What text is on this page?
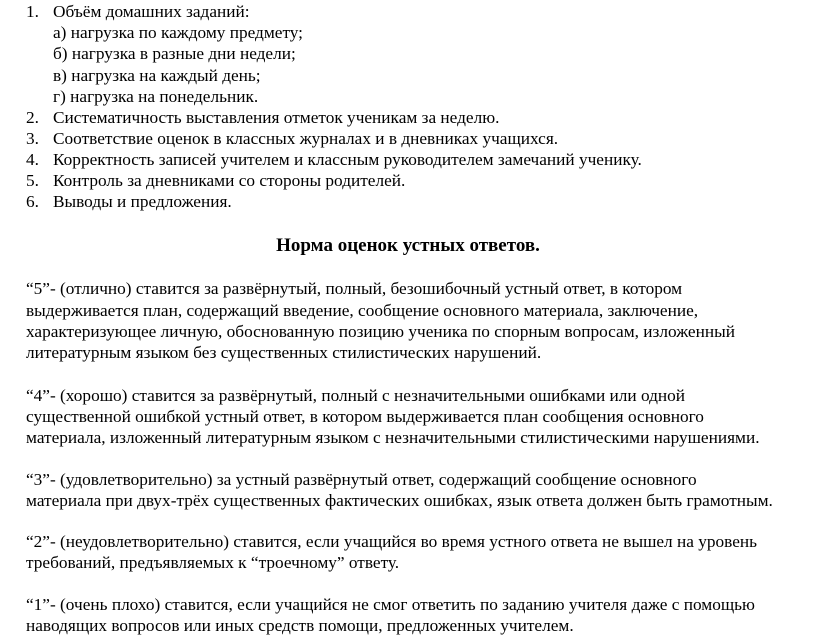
1. Объём домашних заданий:
а) нагрузка по каждому предмету;
б) нагрузка в разные дни недели;
в) нагрузка на каждый день;
г) нагрузка на понедельник.
2. Систематичность выставления отметок ученикам за неделю.
3. Соответствие оценок в классных журналах и в дневниках учащихся.
4. Корректность записей учителем и классным руководителем замечаний ученику.
5. Контроль за дневниками со стороны родителей.
6. Выводы и предложения.
Норма оценок устных ответов.
“5”- (отлично) ставится за развёрнутый, полный, безошибочный устный ответ, в котором
выдерживается план, содержащий введение, сообщение основного материала, заключение,
характеризующее личную, обоснованную позицию ученика по спорным вопросам, изложенный
литературным языком без существенных стилистических нарушений.
“4”- (хорошо) ставится за развёрнутый, полный с незначительными ошибками или одной
существенной ошибкой устный ответ, в котором выдерживается план сообщения основного
материала, изложенный литературным языком с незначительными стилистическими нарушениями.
“3”- (удовлетворительно) за устный развёрнутый ответ, содержащий сообщение основного
материала при двух-трёх существенных фактических ошибках, язык ответа должен быть грамотным.
“2”- (неудовлетворительно) ставится, если учащийся во время устного ответа не вышел на уровень
требований, предъявляемых к “троечному” ответу.
“1”- (очень плохо) ставится, если учащийся не смог ответить по заданию учителя даже с помощью
наводящих вопросов или иных средств помощи, предложенных учителем.
